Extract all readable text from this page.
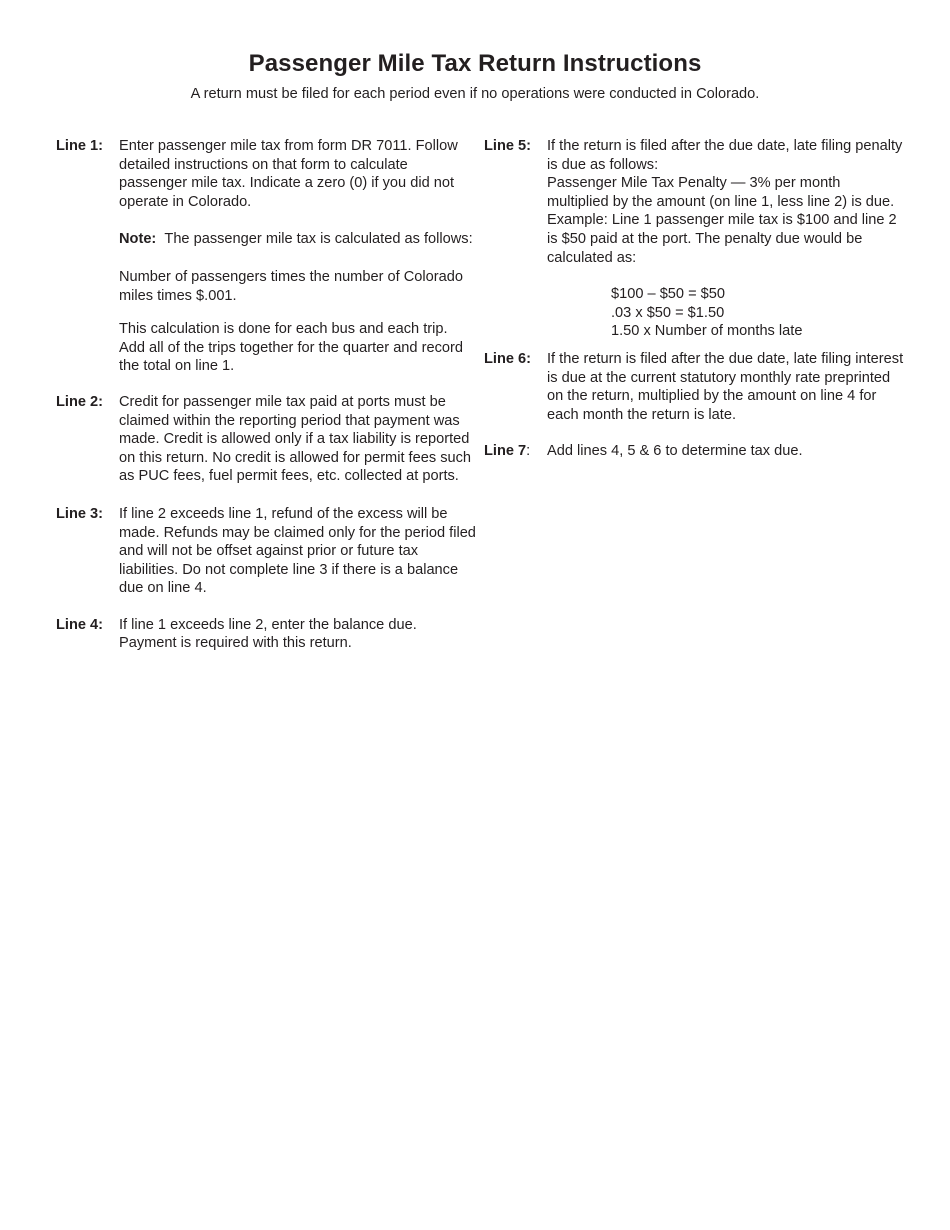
Passenger Mile Tax Return Instructions

A return must be filed for each period even if no operations were conducted in Colorado.

Line 1:	Enter passenger mile tax from form DR 7011. Follow detailed instructions on that form to calculate passenger mile tax. Indicate a zero (0) if you did not operate in Colorado.

Note: The passenger mile tax is calculated as follows:

Number of passengers times the number of Colorado miles times $.001.

This calculation is done for each bus and each trip. Add all of the trips together for the quarter and record the total on line 1.

Line 2:	Credit for passenger mile tax paid at ports must be claimed within the reporting period that payment was made. Credit is allowed only if a tax liability is reported on this return. No credit is allowed for permit fees such as PUC fees, fuel permit fees, etc. collected at ports.

Line 3:	If line 2 exceeds line 1, refund of the excess will be made. Refunds may be claimed only for the period filed and will not be offset against prior or future tax liabilities. Do not complete line 3 if there is a balance due on line 4.

Line 4:	If line 1 exceeds line 2, enter the balance due. Payment is required with this return.

Line 5:	If the return is filed after the due date, late filing penalty is due as follows:

Passenger Mile Tax Penalty — 3% per month multiplied by the amount (on line 1, less line 2) is due. Example: Line 1 passenger mile tax is $100 and line 2 is $50 paid at the port. The penalty due would be calculated as:

$100 – $50 = $50
.03 x $50 = $1.50
1.50 x Number of months late
Line 6:	If the return is filed after the due date, late filing interest is due at the current statutory monthly rate preprinted on the return, multiplied by the amount on line 4 for each month the return is late.

Line 7:	Add lines 4, 5 & 6 to determine tax due.
